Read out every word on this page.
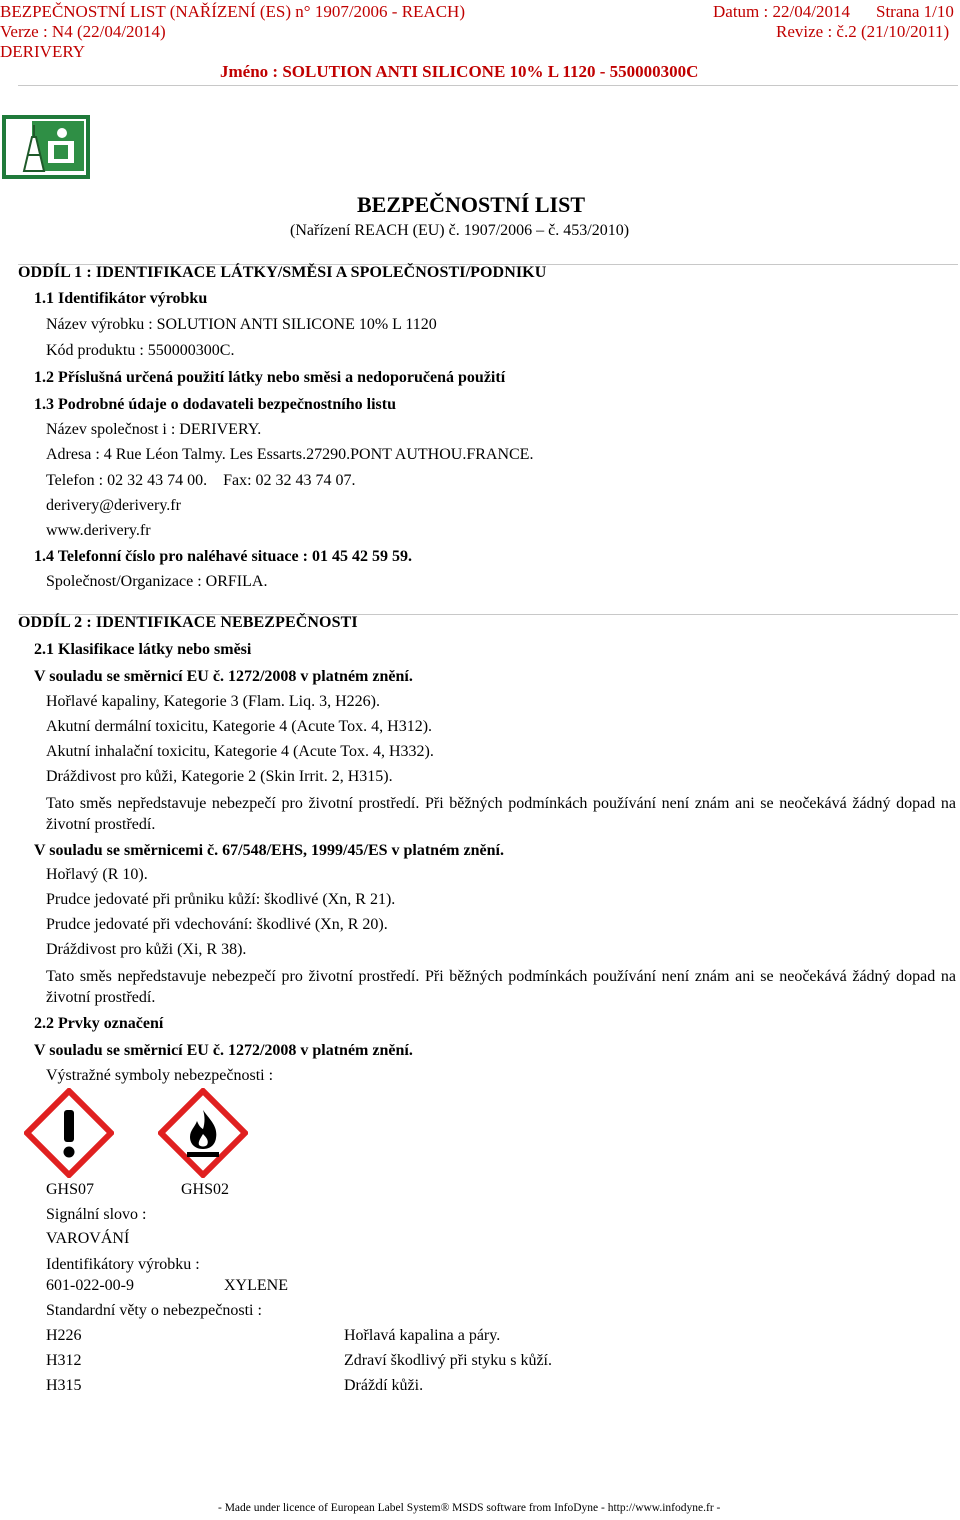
BEZPEČNOSTNÍ LIST (NAŘÍZENÍ (ES) n° 1907/2006 - REACH)	Datum : 22/04/2014 Strana 1/10
Verze : N4 (22/04/2014)	Revize : č.2 (21/10/2011)
DERIVERY
Jméno : SOLUTION ANTI SILICONE 10% L 1120 - 550000300C
BEZPEČNOSTNÍ LIST
(Nařízení REACH (EU) č. 1907/2006 – č. 453/2010)
ODDÍL 1 : IDENTIFIKACE LÁTKY/SMĚSI A SPOLEČNOSTI/PODNIKU
1.1 Identifikátor výrobku
Název výrobku : SOLUTION ANTI SILICONE 10% L 1120
Kód produktu : 550000300C.
1.2 Příslušná určená použití látky nebo směsi a nedoporučená použití
1.3 Podrobné údaje o dodavateli bezpečnostního listu
Název společnost i : DERIVERY.
Adresa : 4 Rue Léon Talmy. Les Essarts.27290.PONT AUTHOU.FRANCE.
Telefon : 02 32 43 74 00.    Fax: 02 32 43 74 07.
derivery@derivery.fr
www.derivery.fr
1.4 Telefonní číslo pro naléhavé situace : 01 45 42 59 59.
Společnost/Organizace : ORFILA.
ODDÍL 2 : IDENTIFIKACE NEBEZPEČNOSTI
2.1 Klasifikace látky nebo směsi
V souladu se směrnicí EU č. 1272/2008 v platném znění.
Hořlavé kapaliny, Kategorie 3 (Flam. Liq. 3, H226).
Akutní dermální toxicitu, Kategorie 4 (Acute Tox. 4, H312).
Akutní inhalační toxicitu, Kategorie 4 (Acute Tox. 4, H332).
Dráždivost pro kůži, Kategorie 2 (Skin Irrit. 2, H315).
Tato směs nepředstavuje nebezpečí pro životní prostředí. Při běžných podmínkách používání není znám ani se neočekává žádný dopad na životní prostředí.
V souladu se směrnicemi č. 67/548/EHS, 1999/45/ES v platném znění.
Hořlavý (R 10).
Prudce jedovaté při průniku kůží: škodlivé (Xn, R 21).
Prudce jedovaté při vdechování: škodlivé (Xn, R 20).
Dráždivost pro kůži (Xi, R 38).
Tato směs nepředstavuje nebezpečí pro životní prostředí. Při běžných podmínkách používání není znám ani se neočekává žádný dopad na životní prostředí.
2.2 Prvky označení
V souladu se směrnicí EU č. 1272/2008 v platném znění.
Výstražné symboly nebezpečnosti :
GHS07	GHS02
Signální slovo :
VAROVÁNÍ
Identifikátory výrobku :
601-022-00-9	XYLENE
Standardní věty o nebezpečnosti :
H226	Hořlavá kapalina a páry.
H312	Zdraví škodlivý při styku s kůží.
H315	Dráždí kůži.
- Made under licence of European Label System® MSDS software from InfoDyne - http://www.infodyne.fr -
